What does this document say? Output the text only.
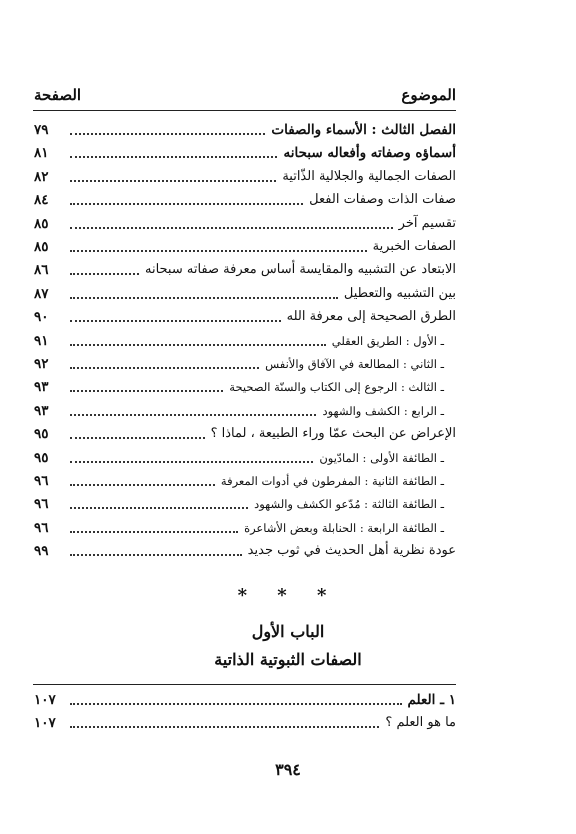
الموضوع
الصفحة
الفصل الثالث : الأسماء والصفات
٧٩
أسماؤه وصفاته وأفعاله سبحانه
٨١
الصفات الجمالية والجلالية الذّاتية
٨٢
صفات الذات وصفات الفعل
٨٤
تقسيم آخر
٨٥
الصفات الخبرية
٨٥
الابتعاد عن التشبيه والمقايسة أساس معرفة صفاته سبحانه
٨٦
بين التشبيه والتعطيل
٨٧
الطرق الصحيحة إلى معرفة الله
٩٠
ـ الأول : الطريق العقلي
٩١
ـ الثاني : المطالعة في الآفاق والأنفس
٩٢
ـ الثالث : الرجوع إلى الكتاب والسنّة الصحيحة
٩٣
ـ الرابع : الكشف والشهود
٩٣
الإعراض عن البحث عمّا وراء الطبيعة ، لماذا ؟
٩٥
ـ الطائفة الأولى : المادّيون
٩٥
ـ الطائفة الثانية : المفرطون في أدوات المعرفة
٩٦
ـ الطائفة الثالثة : مُدّعو الكشف والشهود
٩٦
ـ الطائفة الرابعة : الحنابلة وبعض الأشاعرة
٩٦
عودة نظرية أهل الحديث في ثوب جديد
٩٩
* * *
الباب الأول
الصفات الثبوتية الذاتية
١ ـ العلم
١٠٧
ما هو العلم ؟
١٠٧
٣٩٤
